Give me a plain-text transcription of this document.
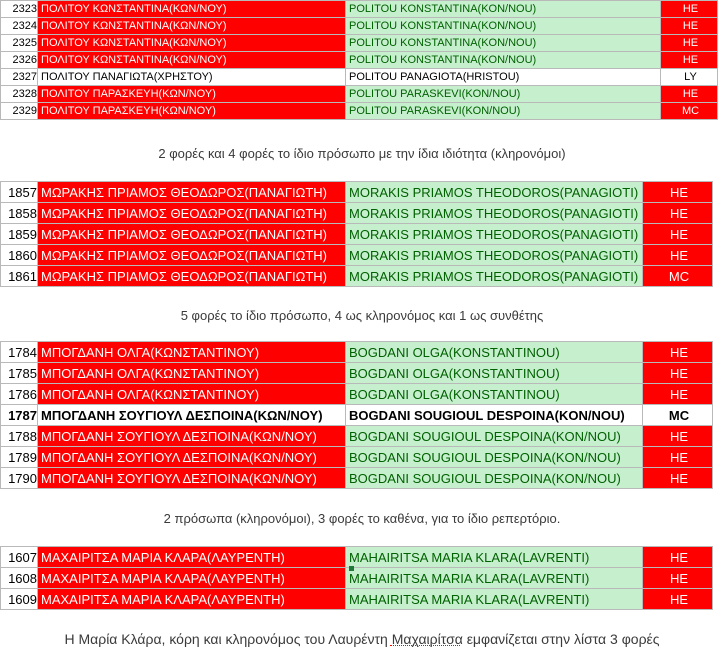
2323	ΠΟΛΙΤΟΥ ΚΩΝΣΤΑΝΤΙΝΑ(ΚΩΝ/ΝΟΥ)	POLITOU KONSTANTINA(KON/NOU)	HE
2324	ΠΟΛΙΤΟΥ ΚΩΝΣΤΑΝΤΙΝΑ(ΚΩΝ/ΝΟΥ)	POLITOU KONSTANTINA(KON/NOU)	HE
2325	ΠΟΛΙΤΟΥ ΚΩΝΣΤΑΝΤΙΝΑ(ΚΩΝ/ΝΟΥ)	POLITOU KONSTANTINA(KON/NOU)	HE
2326	ΠΟΛΙΤΟΥ ΚΩΝΣΤΑΝΤΙΝΑ(ΚΩΝ/ΝΟΥ)	POLITOU KONSTANTINA(KON/NOU)	HE
2327	ΠΟΛΙΤΟΥ ΠΑΝΑΓΙΩΤΑ(ΧΡΗΣΤΟΥ)	POLITOU PANAGIOTA(HRISTOU)	LY
2328	ΠΟΛΙΤΟΥ ΠΑΡΑΣΚΕΥΗ(ΚΩΝ/ΝΟΥ)	POLITOU PARASKEVI(KON/NOU)	HE
2329	ΠΟΛΙΤΟΥ ΠΑΡΑΣΚΕΥΗ(ΚΩΝ/ΝΟΥ)	POLITOU PARASKEVI(KON/NOU)	MC
2 φορές και 4 φορές το ίδιο πρόσωπο με την ίδια ιδιότητα (κληρονόμοι)
1857	ΜΩΡΑΚΗΣ ΠΡΙΑΜΟΣ ΘΕΟΔΩΡΟΣ(ΠΑΝΑΓΙΩΤΗ)	MORAKIS PRIAMOS THEODOROS(PANAGIOTI)	HE
1858	ΜΩΡΑΚΗΣ ΠΡΙΑΜΟΣ ΘΕΟΔΩΡΟΣ(ΠΑΝΑΓΙΩΤΗ)	MORAKIS PRIAMOS THEODOROS(PANAGIOTI)	HE
1859	ΜΩΡΑΚΗΣ ΠΡΙΑΜΟΣ ΘΕΟΔΩΡΟΣ(ΠΑΝΑΓΙΩΤΗ)	MORAKIS PRIAMOS THEODOROS(PANAGIOTI)	HE
1860	ΜΩΡΑΚΗΣ ΠΡΙΑΜΟΣ ΘΕΟΔΩΡΟΣ(ΠΑΝΑΓΙΩΤΗ)	MORAKIS PRIAMOS THEODOROS(PANAGIOTI)	HE
1861	ΜΩΡΑΚΗΣ ΠΡΙΑΜΟΣ ΘΕΟΔΩΡΟΣ(ΠΑΝΑΓΙΩΤΗ)	MORAKIS PRIAMOS THEODOROS(PANAGIOTI)	MC
5 φορές το ίδιο πρόσωπο, 4 ως κληρονόμος και 1 ως συνθέτης
1784	ΜΠΟΓΔΑΝΗ ΟΛΓΑ(ΚΩΝΣΤΑΝΤΙΝΟΥ)	BOGDANI OLGA(KONSTANTINOU)	HE
1785	ΜΠΟΓΔΑΝΗ ΟΛΓΑ(ΚΩΝΣΤΑΝΤΙΝΟΥ)	BOGDANI OLGA(KONSTANTINOU)	HE
1786	ΜΠΟΓΔΑΝΗ ΟΛΓΑ(ΚΩΝΣΤΑΝΤΙΝΟΥ)	BOGDANI OLGA(KONSTANTINOU)	HE
1787	ΜΠΟΓΔΑΝΗ ΣΟΥΓΙΟΥΛ ΔΕΣΠΟΙΝΑ(ΚΩΝ/ΝΟΥ)	BOGDANI SOUGIOUL DESPOINA(KON/NOU)	MC
1788	ΜΠΟΓΔΑΝΗ ΣΟΥΓΙΟΥΛ ΔΕΣΠΟΙΝΑ(ΚΩΝ/ΝΟΥ)	BOGDANI SOUGIOUL DESPOINA(KON/NOU)	HE
1789	ΜΠΟΓΔΑΝΗ ΣΟΥΓΙΟΥΛ ΔΕΣΠΟΙΝΑ(ΚΩΝ/ΝΟΥ)	BOGDANI SOUGIOUL DESPOINA(KON/NOU)	HE
1790	ΜΠΟΓΔΑΝΗ ΣΟΥΓΙΟΥΛ ΔΕΣΠΟΙΝΑ(ΚΩΝ/ΝΟΥ)	BOGDANI SOUGIOUL DESPOINA(KON/NOU)	HE
2 πρόσωπα (κληρονόμοι), 3 φορές το καθένα, για το ίδιο ρεπερτόριο.
1607	ΜΑΧΑΙΡΙΤΣΑ ΜΑΡΙΑ ΚΛΑΡΑ(ΛΑΥΡΕΝΤΗ)	MAHAIRITSA MARIA KLARA(LAVRENTI)	HE
1608	ΜΑΧΑΙΡΙΤΣΑ ΜΑΡΙΑ ΚΛΑΡΑ(ΛΑΥΡΕΝΤΗ)	MAHAIRITSA MARIA KLARA(LAVRENTI)	HE
1609	ΜΑΧΑΙΡΙΤΣΑ ΜΑΡΙΑ ΚΛΑΡΑ(ΛΑΥΡΕΝΤΗ)	MAHAIRITSA MARIA KLARA(LAVRENTI)	HE
Η Μαρία Κλάρα, κόρη και κληρονόμος του Λαυρέντη Μαχαιρίτσα εμφανίζεται στην λίστα 3 φορές
